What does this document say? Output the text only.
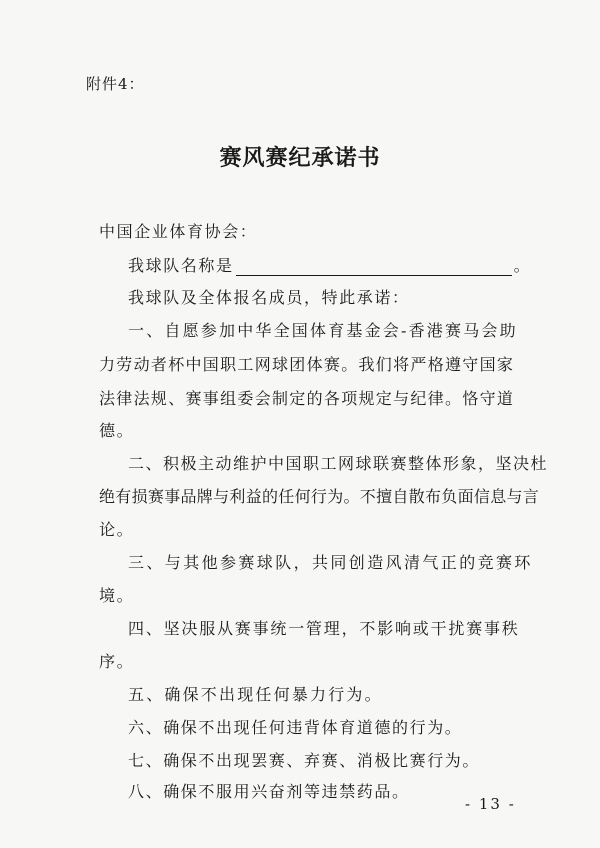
附件4：
赛风赛纪承诺书
中国企业体育协会：
我球队名称是	。
我球队及全体报名成员，特此承诺：
一、自愿参加中华全国体育基金会-香港赛马会助
力劳动者杯中国职工网球团体赛。我们将严格遵守国家
法律法规、赛事组委会制定的各项规定与纪律。恪守道
德。
二、积极主动维护中国职工网球联赛整体形象，坚决杜
绝有损赛事品牌与利益的任何行为。不擅自散布负面信息与言
论。
三、与其他参赛球队，共同创造风清气正的竞赛环
境。
四、坚决服从赛事统一管理，不影响或干扰赛事秩
序。
五、确保不出现任何暴力行为。
六、确保不出现任何违背体育道德的行为。
七、确保不出现罢赛、弃赛、消极比赛行为。
八、确保不服用兴奋剂等违禁药品。
- 13 -
